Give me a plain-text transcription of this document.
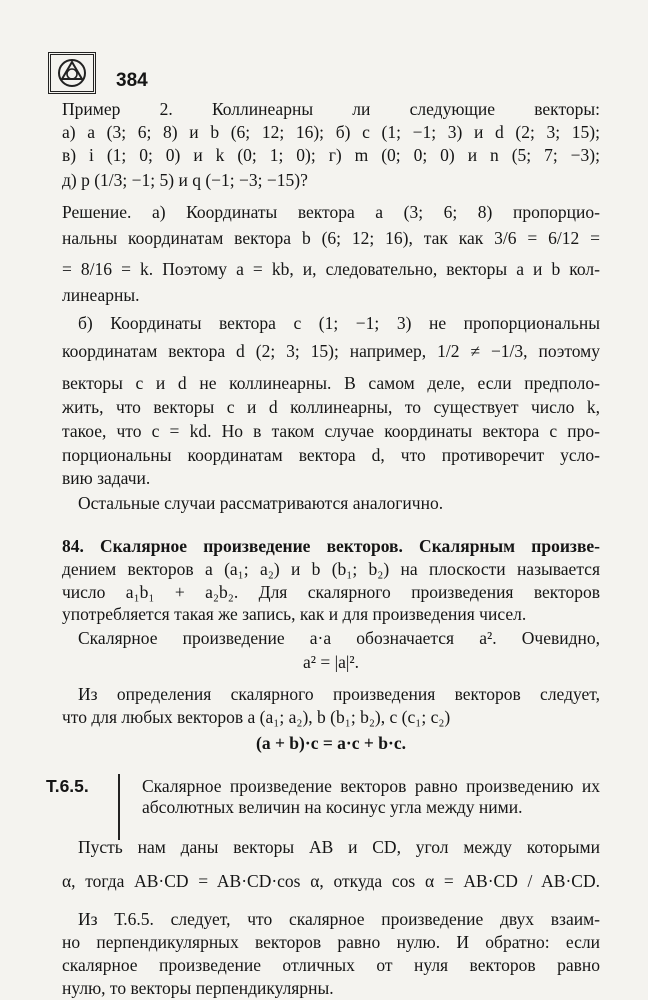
384
Пример 2. Коллинеарны ли следующие векторы:
а) a (3; 6; 8) и b (6; 12; 16); б) c (1; −1; 3) и d (2; 3; 15);
в) i (1; 0; 0) и k (0; 1; 0); г) m (0; 0; 0) и n (5; 7; −3);
д) p (1/3; −1; 5) и q (−1; −3; −15)?
Решение. а) Координаты вектора a (3; 6; 8) пропорцио-
нальны координатам вектора b (6; 12; 16), так как 3/6 = 6/12 =
= 8/16 = k. Поэтому a = kb, и, следовательно, векторы a и b кол-
линеарны.
б) Координаты вектора c (1; −1; 3) не пропорциональны
координатам вектора d (2; 3; 15); например, 1/2 ≠ −1/3, поэтому
векторы c и d не коллинеарны. В самом деле, если предполо-
жить, что векторы c и d коллинеарны, то существует число k,
такое, что c = kd. Но в таком случае координаты вектора c про-
порциональны координатам вектора d, что противоречит усло-
вию задачи.
Остальные случаи рассматриваются аналогично.
84. Скалярное произведение векторов. Скалярным произве-
дением векторов a (a₁; a₂) и b (b₁; b₂) на плоскости называется
число a₁b₁ + a₂b₂. Для скалярного произведения векторов
употребляется такая же запись, как и для произведения чисел.
Скалярное произведение a·a обозначается a². Очевидно,
a² = |a|².
Из определения скалярного произведения векторов следует,
что для любых векторов a (a₁; a₂), b (b₁; b₂), c (c₁; c₂)
(a + b)·c = a·c + b·c.
Т.6.5.	Скалярное произведение векторов равно произведению их абсолютных величин на косинус угла между ними.
Пусть нам даны векторы AB и CD, угол между которыми
α, тогда AB·CD = AB·CD·cos α, откуда cos α = AB·CD / AB·CD.
Из Т.6.5. следует, что скалярное произведение двух взаим-
но перпендикулярных векторов равно нулю. И обратно: если
скалярное произведение отличных от нуля векторов равно
нулю, то векторы перпендикулярны.
